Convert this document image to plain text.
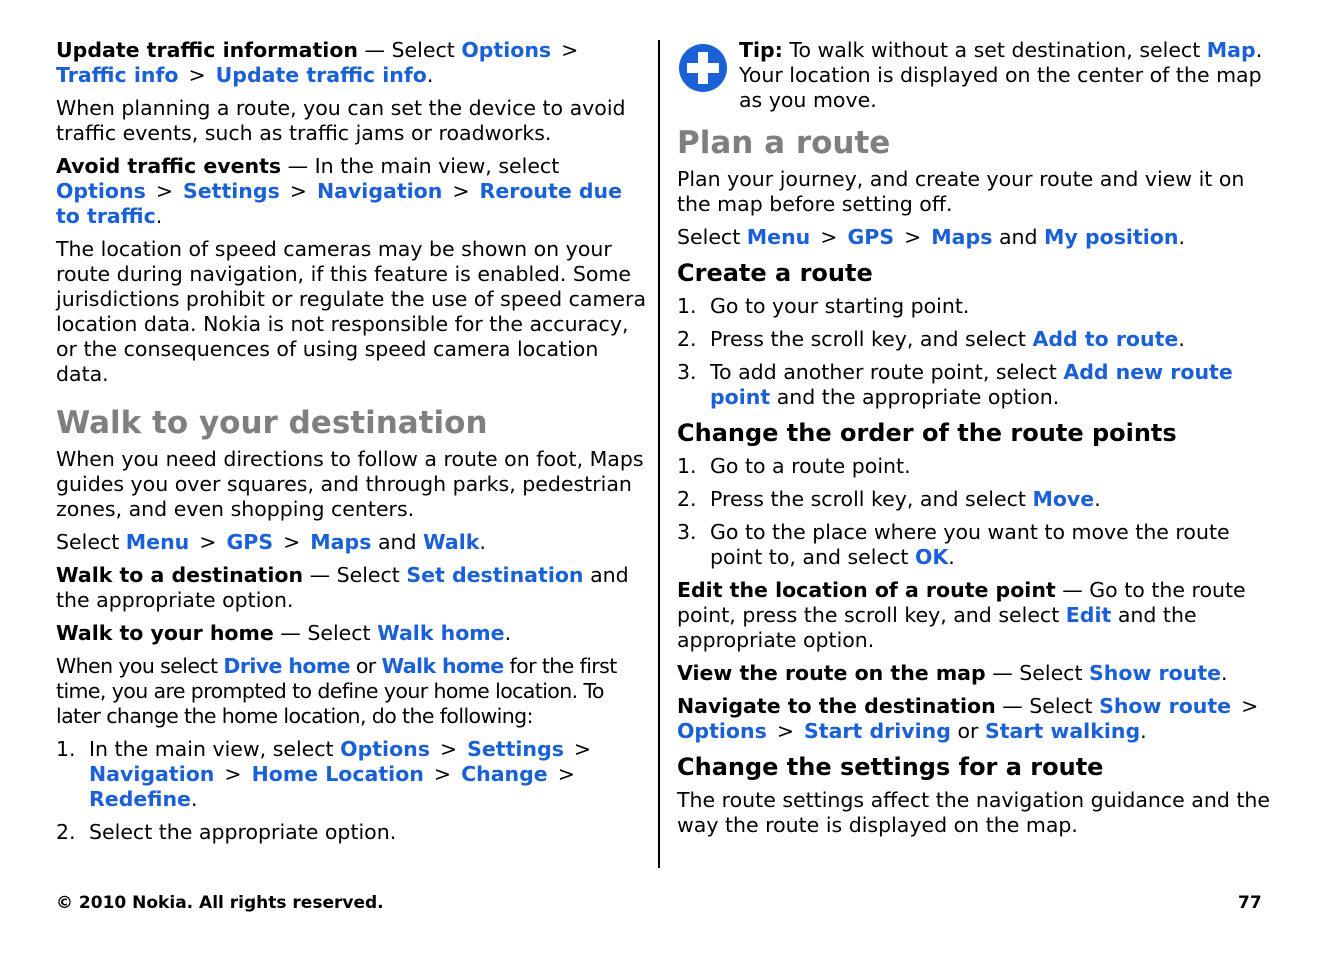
Update traffic information — Select Options >Traffic info > Update traffic info.

When planning a route, you can set the device to avoid traffic events, such as traffic jams or roadworks.

Avoid traffic events — In the main view, select Options > Settings > Navigation > Reroute due to traffic.

The location of speed cameras may be shown on your route during navigation, if this feature is enabled. Some jurisdictions prohibit or regulate the use of speed camera location data. Nokia is not responsible for the accuracy, or the consequences of using speed camera location data.

Walk to your destination

When you need directions to follow a route on foot, Maps guides you over squares, and through parks, pedestrian zones, and even shopping centers.

Select Menu > GPS > Maps and Walk.

Walk to a destination — Select Set destination and the appropriate option.

Walk to your home — Select Walk home.

When you select Drive home or Walk home for the first time, you are prompted to define your home location. To later change the home location, do the following:

1. In the main view, select Options > Settings >Navigation > Home Location > Change >Redefine.
2. Select the appropriate option.
Tip: To walk without a set destination, select Map. Your location is displayed on the center of the map as you move.
Plan a route

Plan your journey, and create your route and view it on the map before setting off.

Select Menu > GPS > Maps and My position.

Create a route
1. Go to your starting point.
2. Press the scroll key, and select Add to route.
3. To add another route point, select Add new route point and the appropriate option.
Change the order of the route points
1. Go to a route point.
2. Press the scroll key, and select Move.
3. Go to the place where you want to move the route point to, and select OK.

Edit the location of a route point — Go to the route point, press the scroll key, and select Edit and the appropriate option.

View the route on the map — Select Show route.

Navigate to the destination — Select Show route >Options > Start driving or Start walking.

Change the settings for a route

The route settings affect the navigation guidance and the way the route is displayed on the map.

© 2010 Nokia. All rights reserved.	77
